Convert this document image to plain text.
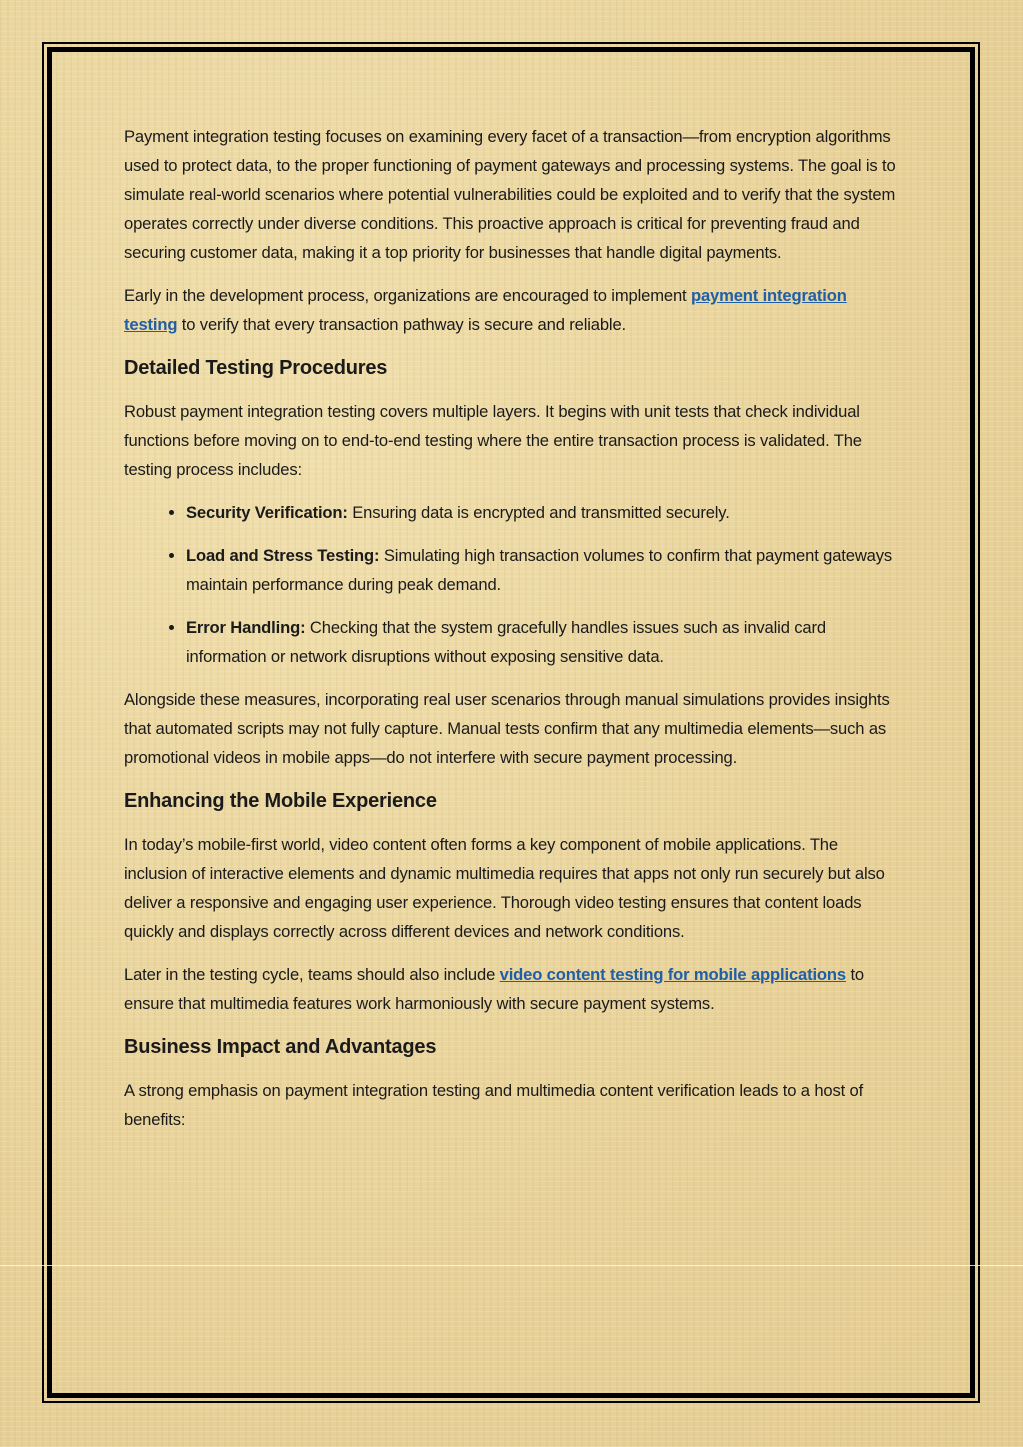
Payment integration testing focuses on examining every facet of a transaction—from encryption algorithms used to protect data, to the proper functioning of payment gateways and processing systems. The goal is to simulate real-world scenarios where potential vulnerabilities could be exploited and to verify that the system operates correctly under diverse conditions. This proactive approach is critical for preventing fraud and securing customer data, making it a top priority for businesses that handle digital payments.

Early in the development process, organizations are encouraged to implement payment integration testing to verify that every transaction pathway is secure and reliable.

Detailed Testing Procedures

Robust payment integration testing covers multiple layers. It begins with unit tests that check individual functions before moving on to end-to-end testing where the entire transaction process is validated. The testing process includes:

• Security Verification: Ensuring data is encrypted and transmitted securely.
• Load and Stress Testing: Simulating high transaction volumes to confirm that payment gateways maintain performance during peak demand.
• Error Handling: Checking that the system gracefully handles issues such as invalid card information or network disruptions without exposing sensitive data.

Alongside these measures, incorporating real user scenarios through manual simulations provides insights that automated scripts may not fully capture. Manual tests confirm that any multimedia elements—such as promotional videos in mobile apps—do not interfere with secure payment processing.

Enhancing the Mobile Experience

In today’s mobile-first world, video content often forms a key component of mobile applications. The inclusion of interactive elements and dynamic multimedia requires that apps not only run securely but also deliver a responsive and engaging user experience. Thorough video testing ensures that content loads quickly and displays correctly across different devices and network conditions.

Later in the testing cycle, teams should also include video content testing for mobile applications to ensure that multimedia features work harmoniously with secure payment systems.

Business Impact and Advantages

A strong emphasis on payment integration testing and multimedia content verification leads to a host of benefits:
